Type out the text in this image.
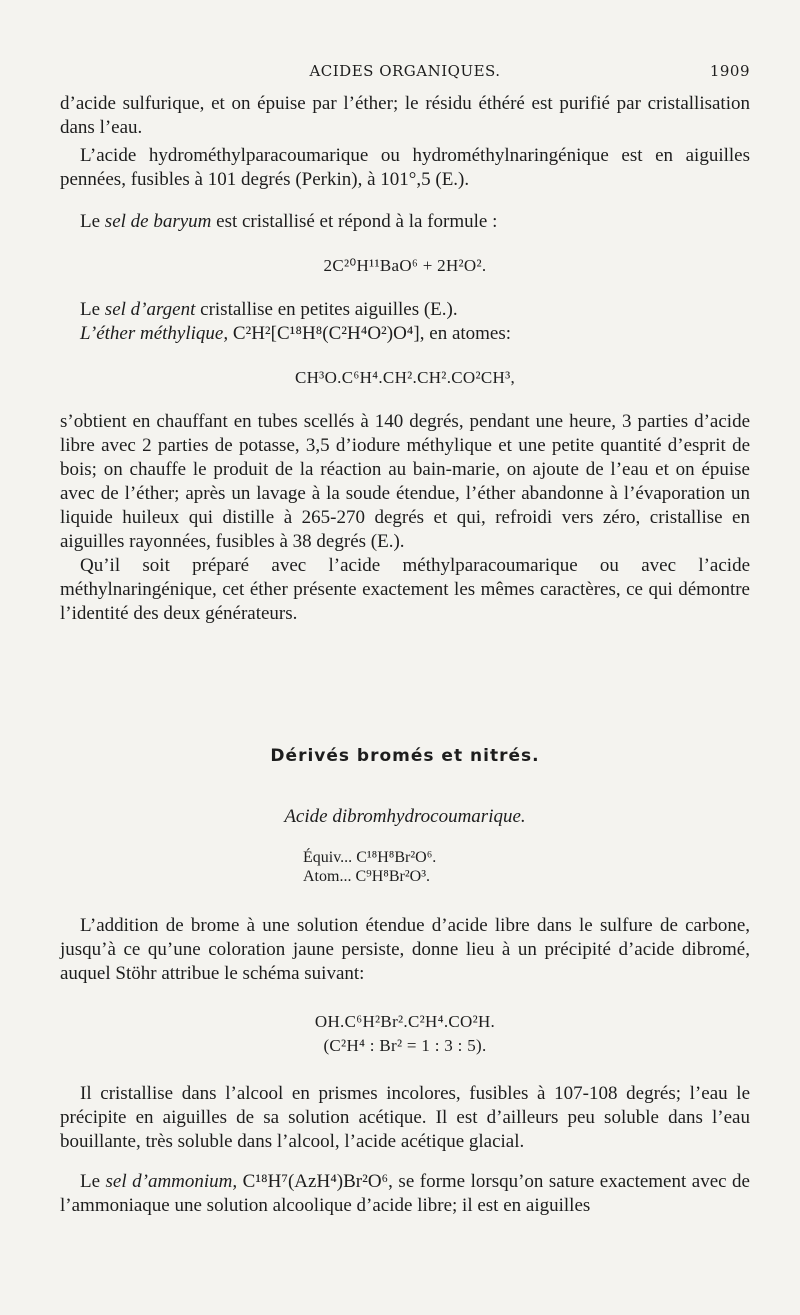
ACIDES ORGANIQUES.	1909

d’acide sulfurique, et on épuise par l’éther; le résidu éthéré est purifié par cristallisation dans l’eau.

L’acide hydrométhylparacoumarique ou hydrométhylnaringénique est en aiguilles pennées, fusibles à 101 degrés (Perkin), à 101°,5 (E.).

Le sel de baryum est cristallisé et répond à la formule :

2C²⁰H¹¹BaO⁶ + 2H²O².

Le sel d’argent cristallise en petites aiguilles (E.).

L’éther méthylique, C²H²[C¹⁸H⁸(C²H⁴O²)O⁴], en atomes:

CH³O.C⁶H⁴.CH².CH².CO²CH³,

s’obtient en chauffant en tubes scellés à 140 degrés, pendant une heure, 3 parties d’acide libre avec 2 parties de potasse, 3,5 d’iodure méthylique et une petite quantité d’esprit de bois; on chauffe le produit de la réaction au bain-marie, on ajoute de l’eau et on épuise avec de l’éther; après un lavage à la soude étendue, l’éther abandonne à l’évaporation un liquide huileux qui distille à 265-270 degrés et qui, refroidi vers zéro, cristallise en aiguilles rayonnées, fusibles à 38 degrés (E.).

Qu’il soit préparé avec l’acide méthylparacoumarique ou avec l’acide méthylnaringénique, cet éther présente exactement les mêmes caractères, ce qui démontre l’identité des deux générateurs.

Dérivés bromés et nitrés.
Acide dibromhydrocoumarique.
Équiv... C¹⁸H⁸Br²O⁶.
Atom... C⁹H⁸Br²O³.

L’addition de brome à une solution étendue d’acide libre dans le sulfure de carbone, jusqu’à ce qu’une coloration jaune persiste, donne lieu à un précipité d’acide dibromé, auquel Stöhr attribue le schéma suivant:

OH.C⁶H²Br².C²H⁴.CO²H.

(C²H⁴ : Br² = 1 : 3 : 5).

Il cristallise dans l’alcool en prismes incolores, fusibles à 107-108 degrés; l’eau le précipite en aiguilles de sa solution acétique. Il est d’ailleurs peu soluble dans l’eau bouillante, très soluble dans l’alcool, l’acide acétique glacial.

Le sel d’ammonium, C¹⁸H⁷(AzH⁴)Br²O⁶, se forme lorsqu’on sature exactement avec de l’ammoniaque une solution alcoolique d’acide libre; il est en aiguilles
